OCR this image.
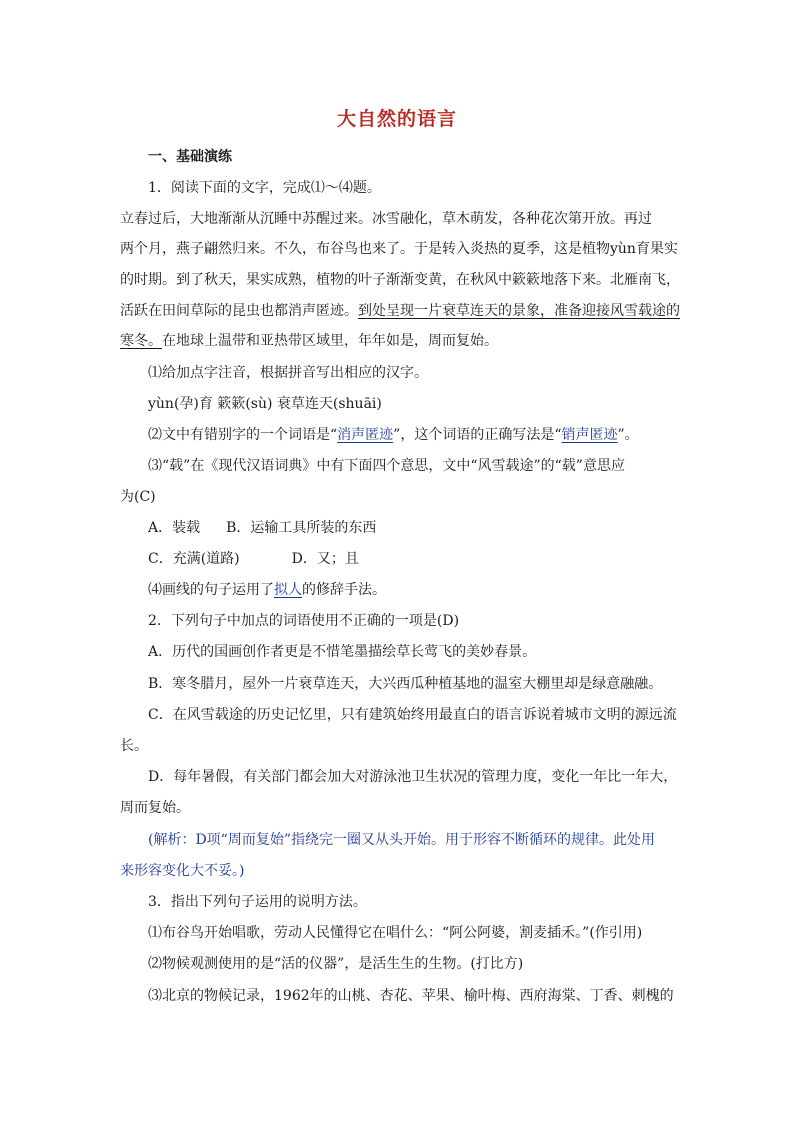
大自然的语言
一、基础演练
1．阅读下面的文字，完成⑴～⑷题。
立春过后，大地渐渐从沉睡中苏醒过来。冰雪融化，草木萌发，各种花次第开放。再过
两个月，燕子翩然归来。不久，布谷鸟也来了。于是转入炎热的夏季，这是植物yùn育果实
的时期。到了秋天，果实成熟，植物的叶子渐渐变黄，在秋风中簌簌地落下来。北雁南飞，
活跃在田间草际的昆虫也都消声匿迹。到处呈现一片衰草连天的景象，准备迎接风雪载途的
寒冬。在地球上温带和亚热带区域里，年年如是，周而复始。
⑴给加点字注音，根据拼音写出相应的汉字。
yùn(孕)育 簌簌(sù) 衰草连天(shuāi)
⑵文中有错别字的一个词语是“消声匿迹”，这个词语的正确写法是“销声匿迹”。
⑶“载”在《现代汉语词典》中有下面四个意思，文中“风雪载途”的“载”意思应
为(C)
A．装载 B．运输工具所装的东西
C．充满(道路)	D．又；且
⑷画线的句子运用了拟人的修辞手法。
2．下列句子中加点的词语使用不正确的一项是(D)
A．历代的国画创作者更是不惜笔墨描绘草长莺飞的美妙春景。
B．寒冬腊月，屋外一片衰草连天，大兴西瓜种植基地的温室大棚里却是绿意融融。
C．在风雪载途的历史记忆里，只有建筑始终用最直白的语言诉说着城市文明的源远流
长。
D．每年暑假，有关部门都会加大对游泳池卫生状况的管理力度，变化一年比一年大，
周而复始。
(解析：D项“周而复始”指绕完一圈又从头开始。用于形容不断循环的规律。此处用
来形容变化大不妥。)
3．指出下列句子运用的说明方法。
⑴布谷鸟开始唱歌，劳动人民懂得它在唱什么：“阿公阿婆，割麦插禾。”(作引用)
⑵物候观测使用的是“活的仪器”，是活生生的生物。(打比方)
⑶北京的物候记录，1962年的山桃、杏花、苹果、榆叶梅、西府海棠、丁香、刺槐的
